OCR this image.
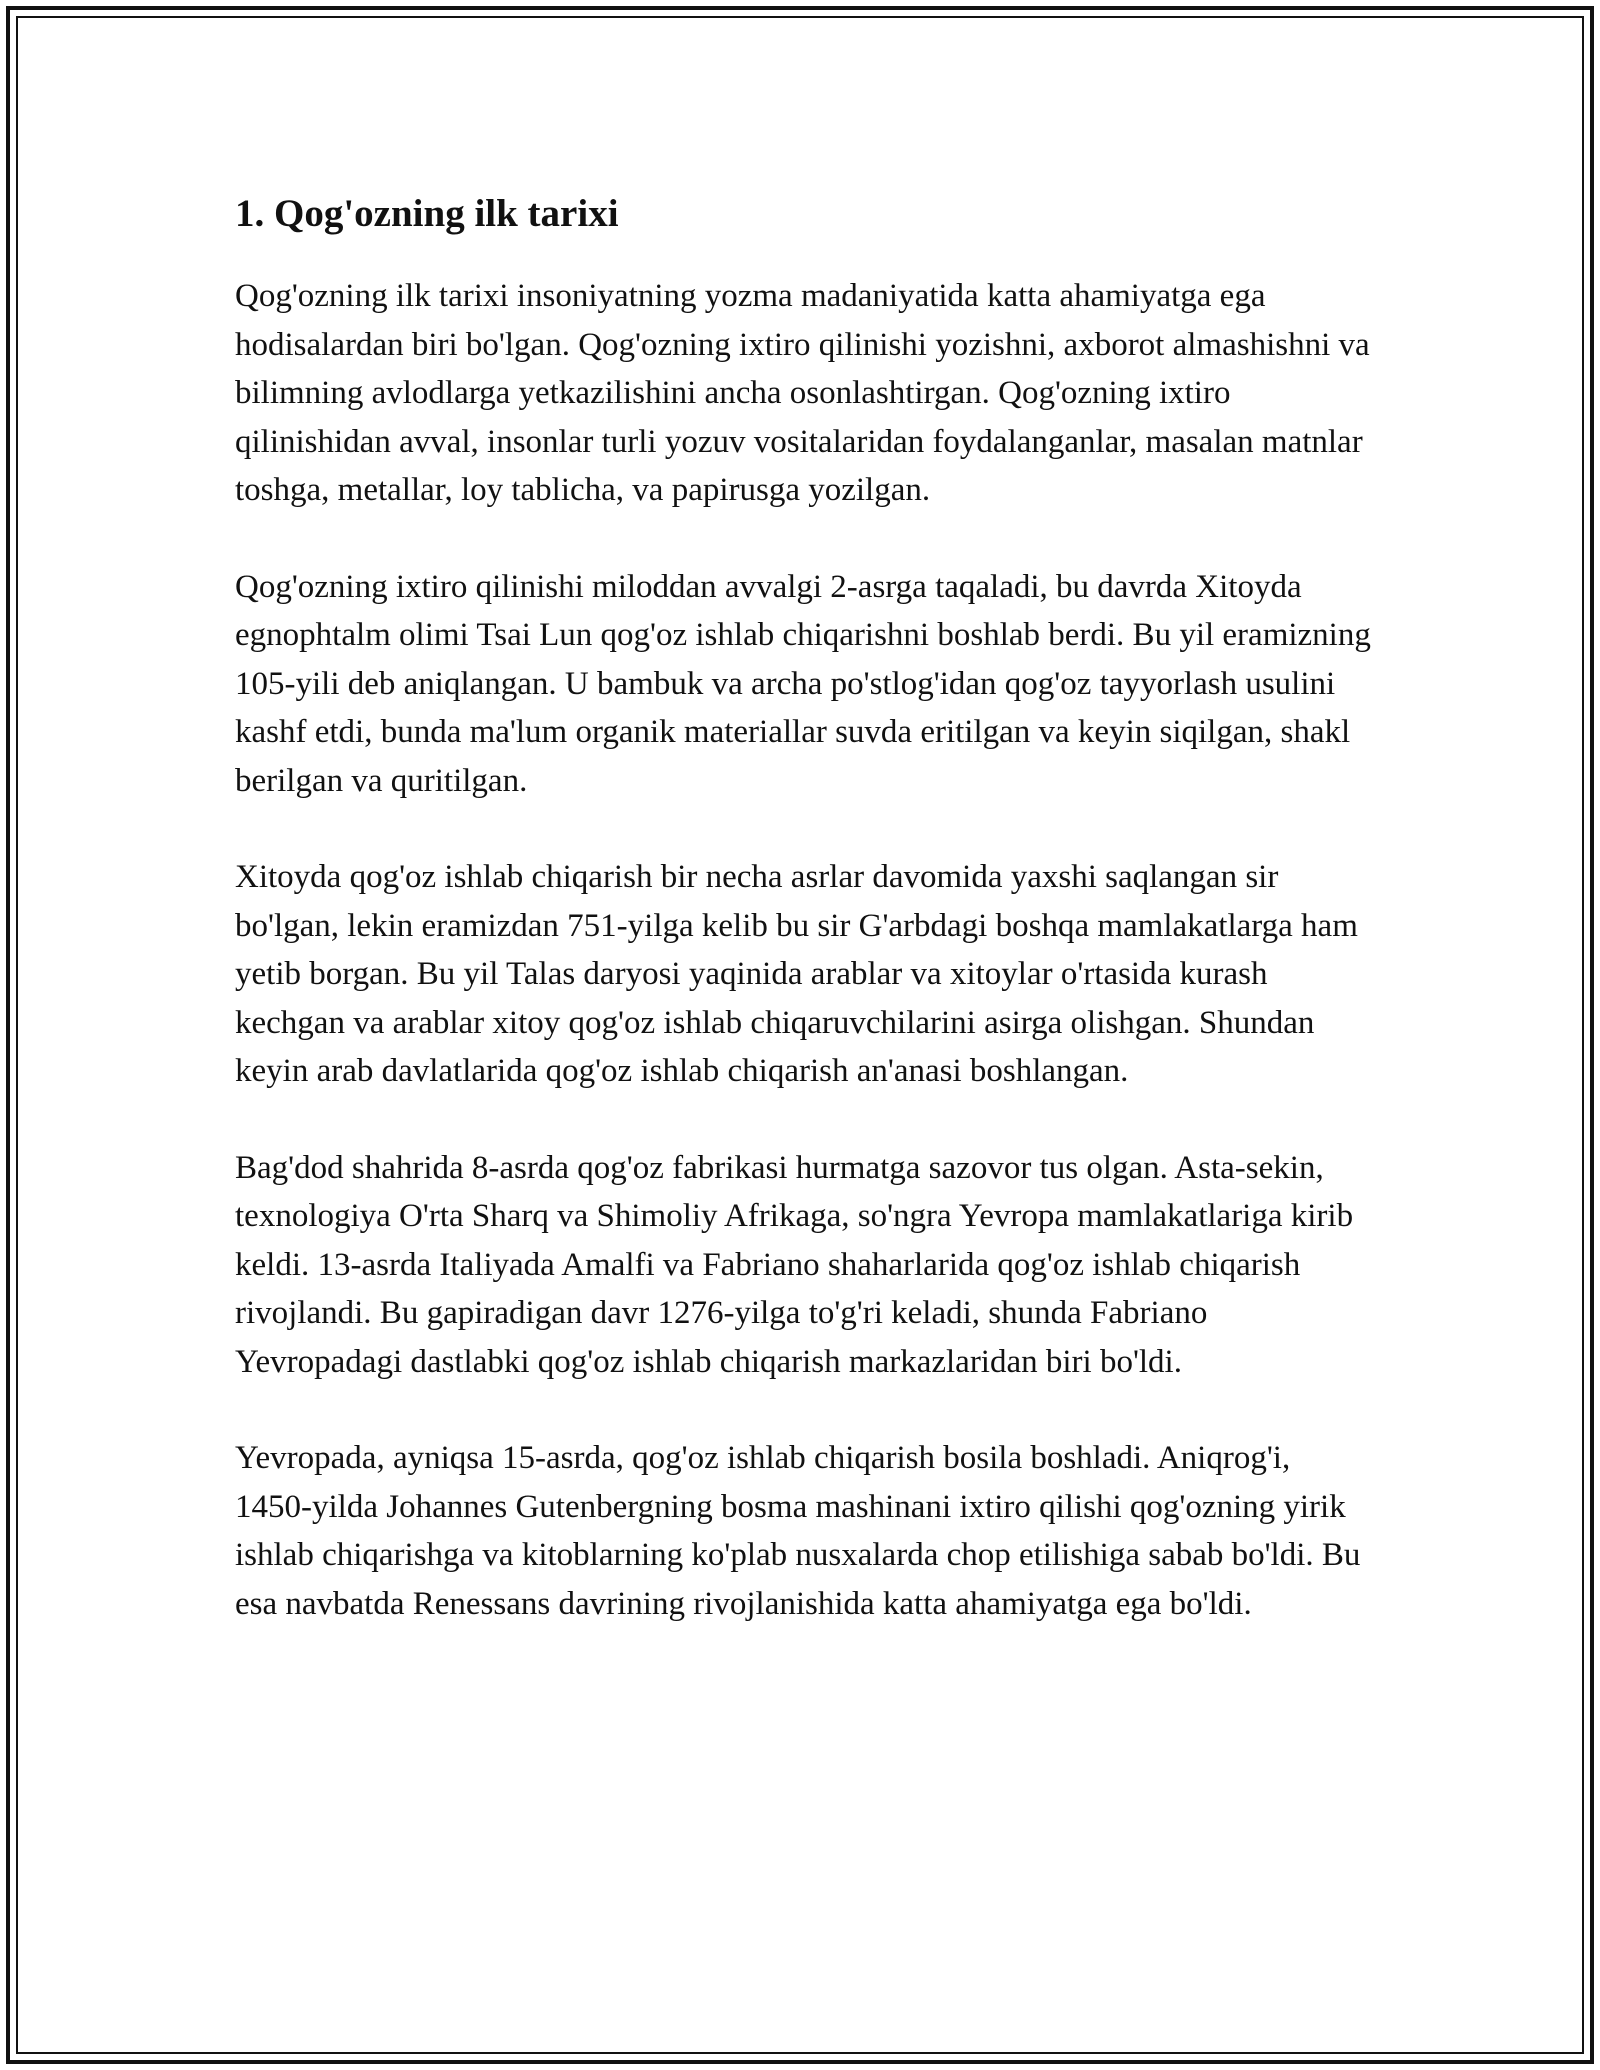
1. Qog'ozning ilk tarixi

Qog'ozning ilk tarixi insoniyatning yozma madaniyatida katta ahamiyatga ega hodisalardan biri bo'lgan. Qog'ozning ixtiro qilinishi yozishni, axborot almashishni va bilimning avlodlarga yetkazilishini ancha osonlashtirgan. Qog'ozning ixtiro qilinishidan avval, insonlar turli yozuv vositalaridan foydalanganlar, masalan matnlar toshga, metallar, loy tablicha, va papirusga yozilgan.

Qog'ozning ixtiro qilinishi miloddan avvalgi 2-asrga taqaladi, bu davrda Xitoyda egnophtalm olimi Tsai Lun qog'oz ishlab chiqarishni boshlab berdi. Bu yil eramizning 105-yili deb aniqlangan. U bambuk va archa po'stlog'idan qog'oz tayyorlash usulini kashf etdi, bunda ma'lum organik materiallar suvda eritilgan va keyin siqilgan, shakl berilgan va quritilgan.

Xitoyda qog'oz ishlab chiqarish bir necha asrlar davomida yaxshi saqlangan sir bo'lgan, lekin eramizdan 751-yilga kelib bu sir G'arbdagi boshqa mamlakatlarga ham yetib borgan. Bu yil Talas daryosi yaqinida arablar va xitoylar o'rtasida kurash kechgan va arablar xitoy qog'oz ishlab chiqaruvchilarini asirga olishgan. Shundan keyin arab davlatlarida qog'oz ishlab chiqarish an'anasi boshlangan.

Bag'dod shahrida 8-asrda qog'oz fabrikasi hurmatga sazovor tus olgan. Asta-sekin, texnologiya O'rta Sharq va Shimoliy Afrikaga, so'ngra Yevropa mamlakatlariga kirib keldi. 13-asrda Italiyada Amalfi va Fabriano shaharlarida qog'oz ishlab chiqarish rivojlandi. Bu gapiradigan davr 1276-yilga to'g'ri keladi, shunda Fabriano Yevropadagi dastlabki qog'oz ishlab chiqarish markazlaridan biri bo'ldi.

Yevropada, ayniqsa 15-asrda, qog'oz ishlab chiqarish bosila boshladi. Aniqrog'i, 1450-yilda Johannes Gutenbergning bosma mashinani ixtiro qilishi qog'ozning yirik ishlab chiqarishga va kitoblarning ko'plab nusxalarda chop etilishiga sabab bo'ldi. Bu esa navbatda Renessans davrining rivojlanishida katta ahamiyatga ega bo'ldi.
